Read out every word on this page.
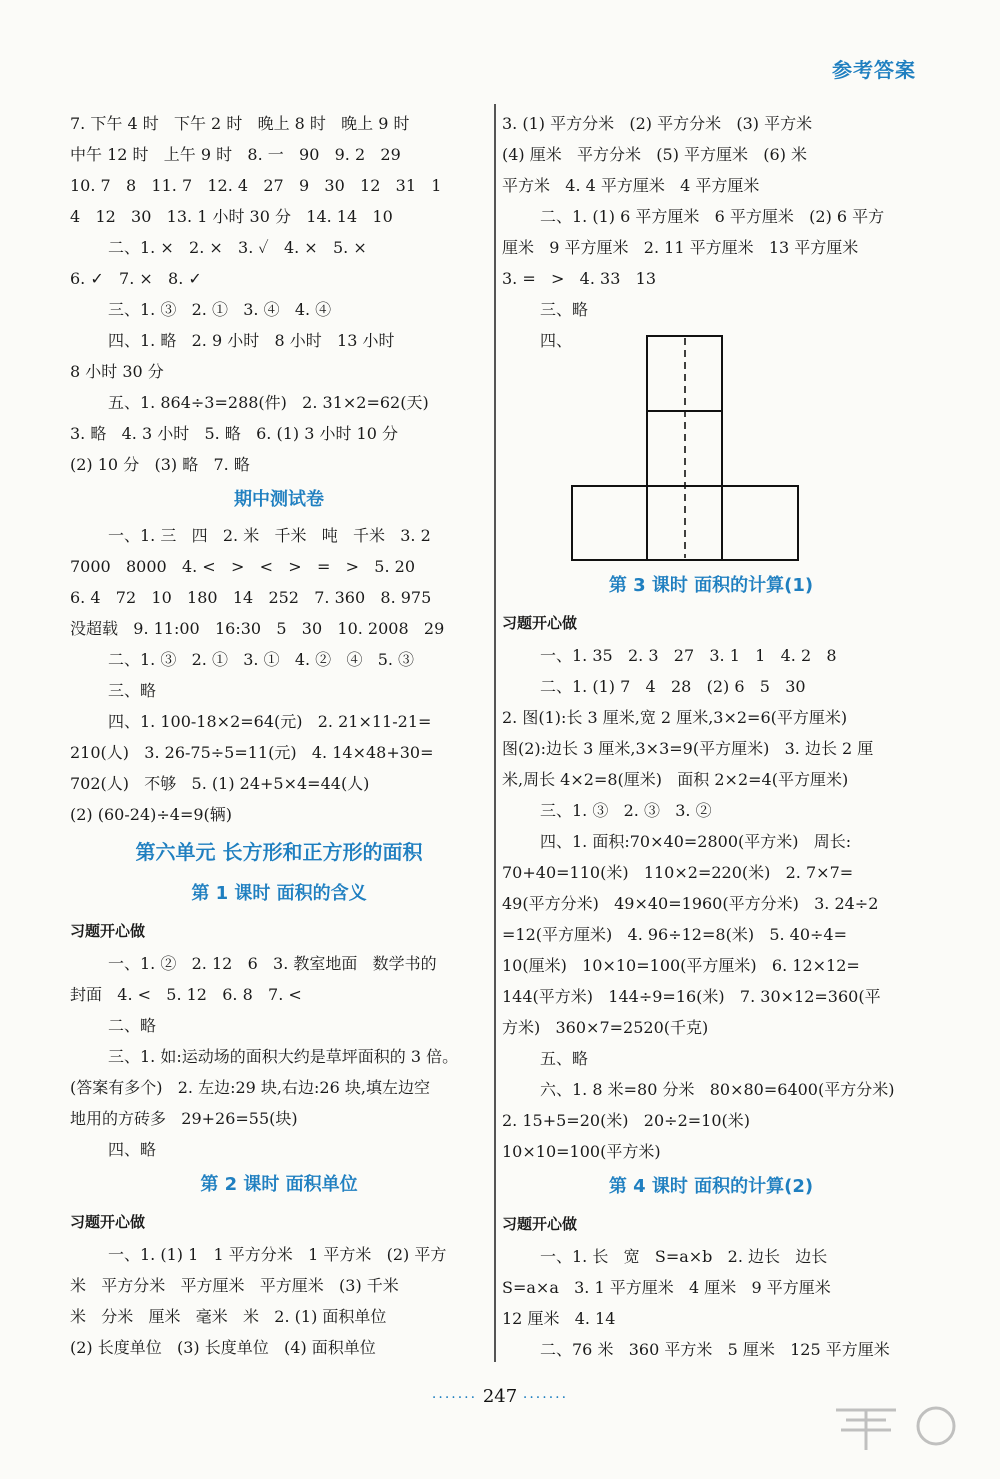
参考答案
7. 下午 4 时   下午 2 时   晚上 8 时   晚上 9 时
中午 12 时   上午 9 时   8. 一   90   9. 2   29
10. 7   8   11. 7   12. 4   27   9   30   12   31   1
4   12   30   13. 1 小时 30 分   14. 14   10
二、1. ×   2. ×   3. ✓   4. ×   5. ×
6. ✓   7. ×   8. ✓
三、1. ③   2. ①   3. ④   4. ④
四、1. 略   2. 9 小时   8 小时   13 小时
8 小时 30 分
五、1. 864÷3=288(件)   2. 31×2=62(天)
3. 略   4. 3 小时   5. 略   6. (1) 3 小时 10 分
(2) 10 分   (3) 略   7. 略
期中测试卷
一、1. 三   四   2. 米   千米   吨   千米   3. 2
7000   8000   4. <   >   <   >   =   >   5. 20
6. 4   72   10   180   14   252   7. 360   8. 975
没超载   9. 11:00   16:30   5   30   10. 2008   29
二、1. ③   2. ①   3. ①   4. ②   ④   5. ③
三、略
四、1. 100-18×2=64(元)   2. 21×11-21=
210(人)   3. 26-75÷5=11(元)   4. 14×48+30=
702(人)   不够   5. (1) 24+5×4=44(人)
(2) (60-24)÷4=9(辆)
第六单元 长方形和正方形的面积
第 1 课时 面积的含义
习题开心做
一、1. ②   2. 12   6   3. 教室地面   数学书的
封面   4. <   5. 12   6. 8   7. <
二、略
三、1. 如:运动场的面积大约是草坪面积的 3 倍。
(答案有多个)   2. 左边:29 块,右边:26 块,填左边空
地用的方砖多   29+26=55(块)
四、略
第 2 课时 面积单位
习题开心做
一、1. (1) 1   1 平方分米   1 平方米   (2) 平方
米   平方分米   平方厘米   平方厘米   (3) 千米
米   分米   厘米   毫米   米   2. (1) 面积单位
(2) 长度单位   (3) 长度单位   (4) 面积单位
3. (1) 平方分米   (2) 平方分米   (3) 平方米
(4) 厘米   平方分米   (5) 平方厘米   (6) 米
平方米   4. 4 平方厘米   4 平方厘米
二、1. (1) 6 平方厘米   6 平方厘米   (2) 6 平方
厘米   9 平方厘米   2. 11 平方厘米   13 平方厘米
3. =   >   4. 33   13
三、略
四、
第 3 课时 面积的计算(1)
习题开心做
一、1. 35   2. 3   27   3. 1   1   4. 2   8
二、1. (1) 7   4   28   (2) 6   5   30
2. 图(1):长 3 厘米,宽 2 厘米,3×2=6(平方厘米)
图(2):边长 3 厘米,3×3=9(平方厘米)   3. 边长 2 厘
米,周长 4×2=8(厘米)   面积 2×2=4(平方厘米)
三、1. ③   2. ③   3. ②
四、1. 面积:70×40=2800(平方米)   周长:
70+40=110(米)   110×2=220(米)   2. 7×7=
49(平方分米)   49×40=1960(平方分米)   3. 24÷2
=12(平方厘米)   4. 96÷12=8(米)   5. 40÷4=
10(厘米)   10×10=100(平方厘米)   6. 12×12=
144(平方米)   144÷9=16(米)   7. 30×12=360(平
方米)   360×7=2520(千克)
五、略
六、1. 8 米=80 分米   80×80=6400(平方分米)
2. 15+5=20(米)   20÷2=10(米)
10×10=100(平方米)
第 4 课时 面积的计算(2)
习题开心做
一、1. 长   宽   S=a×b   2. 边长   边长
S=a×a   3. 1 平方厘米   4 厘米   9 平方厘米
12 厘米   4. 14
二、76 米   360 平方米   5 厘米   125 平方厘米
······· 247 ·······
